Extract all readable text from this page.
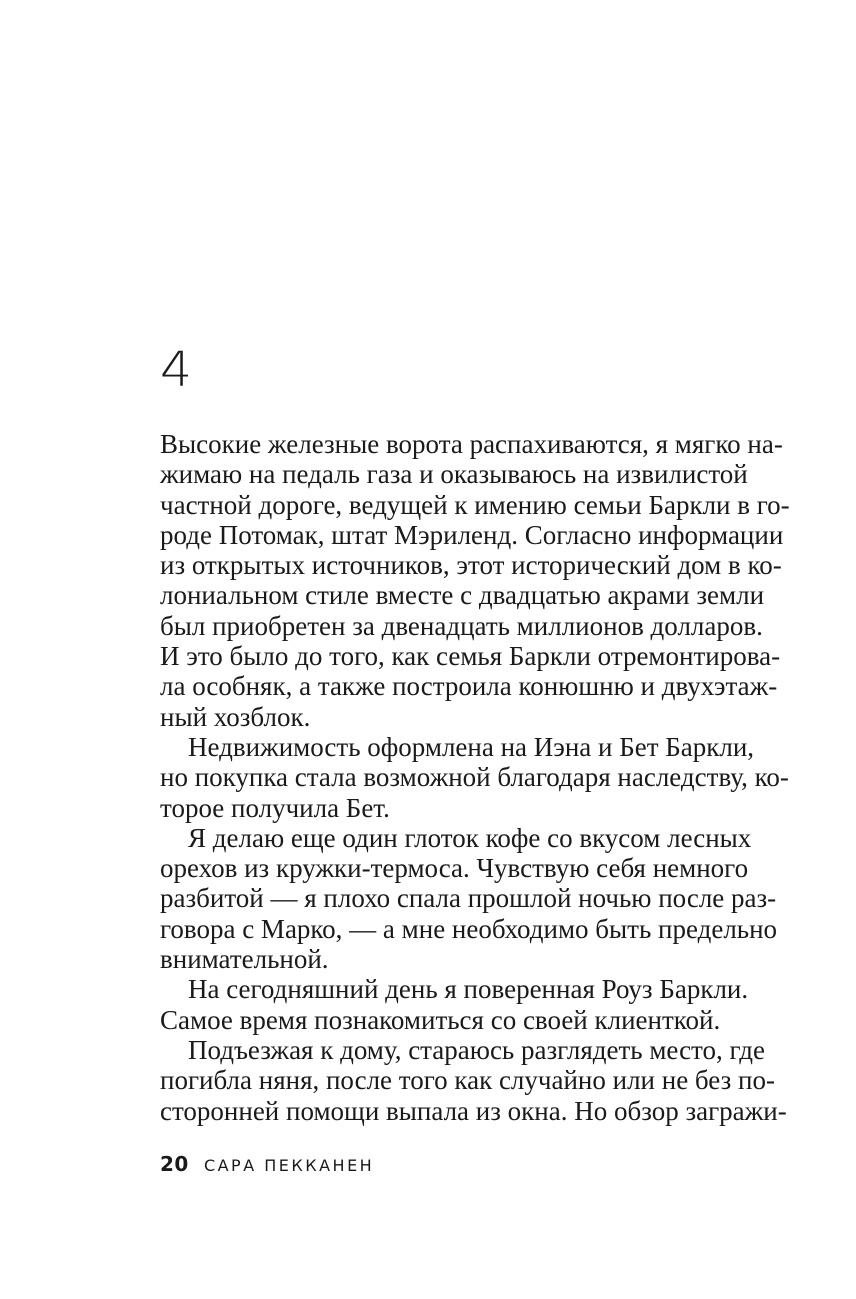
4
Высокие железные ворота распахиваются, я мягко на-
жимаю на педаль газа и оказываюсь на извилистой
частной дороге, ведущей к имению семьи Баркли в го-
роде Потомак, штат Мэриленд. Согласно информации
из открытых источников, этот исторический дом в ко-
лониальном стиле вместе с двадцатью акрами земли
был приобретен за двенадцать миллионов долларов.
И это было до того, как семья Баркли отремонтирова-
ла особняк, а также построила конюшню и двухэтаж-
ный хозблок.
Недвижимость оформлена на Иэна и Бет Баркли,
но покупка стала возможной благодаря наследству, ко-
торое получила Бет.
Я делаю еще один глоток кофе со вкусом лесных
орехов из кружки-термоса. Чувствую себя немного
разбитой — я плохо спала прошлой ночью после раз-
говора с Марко, — а мне необходимо быть предельно
внимательной.
На сегодняшний день я поверенная Роуз Баркли.
Самое время познакомиться со своей клиенткой.
Подъезжая к дому, стараюсь разглядеть место, где
погибла няня, после того как случайно или не без по-
сторонней помощи выпала из окна. Но обзор загражи-
20 САРА ПЕККАНЕН
